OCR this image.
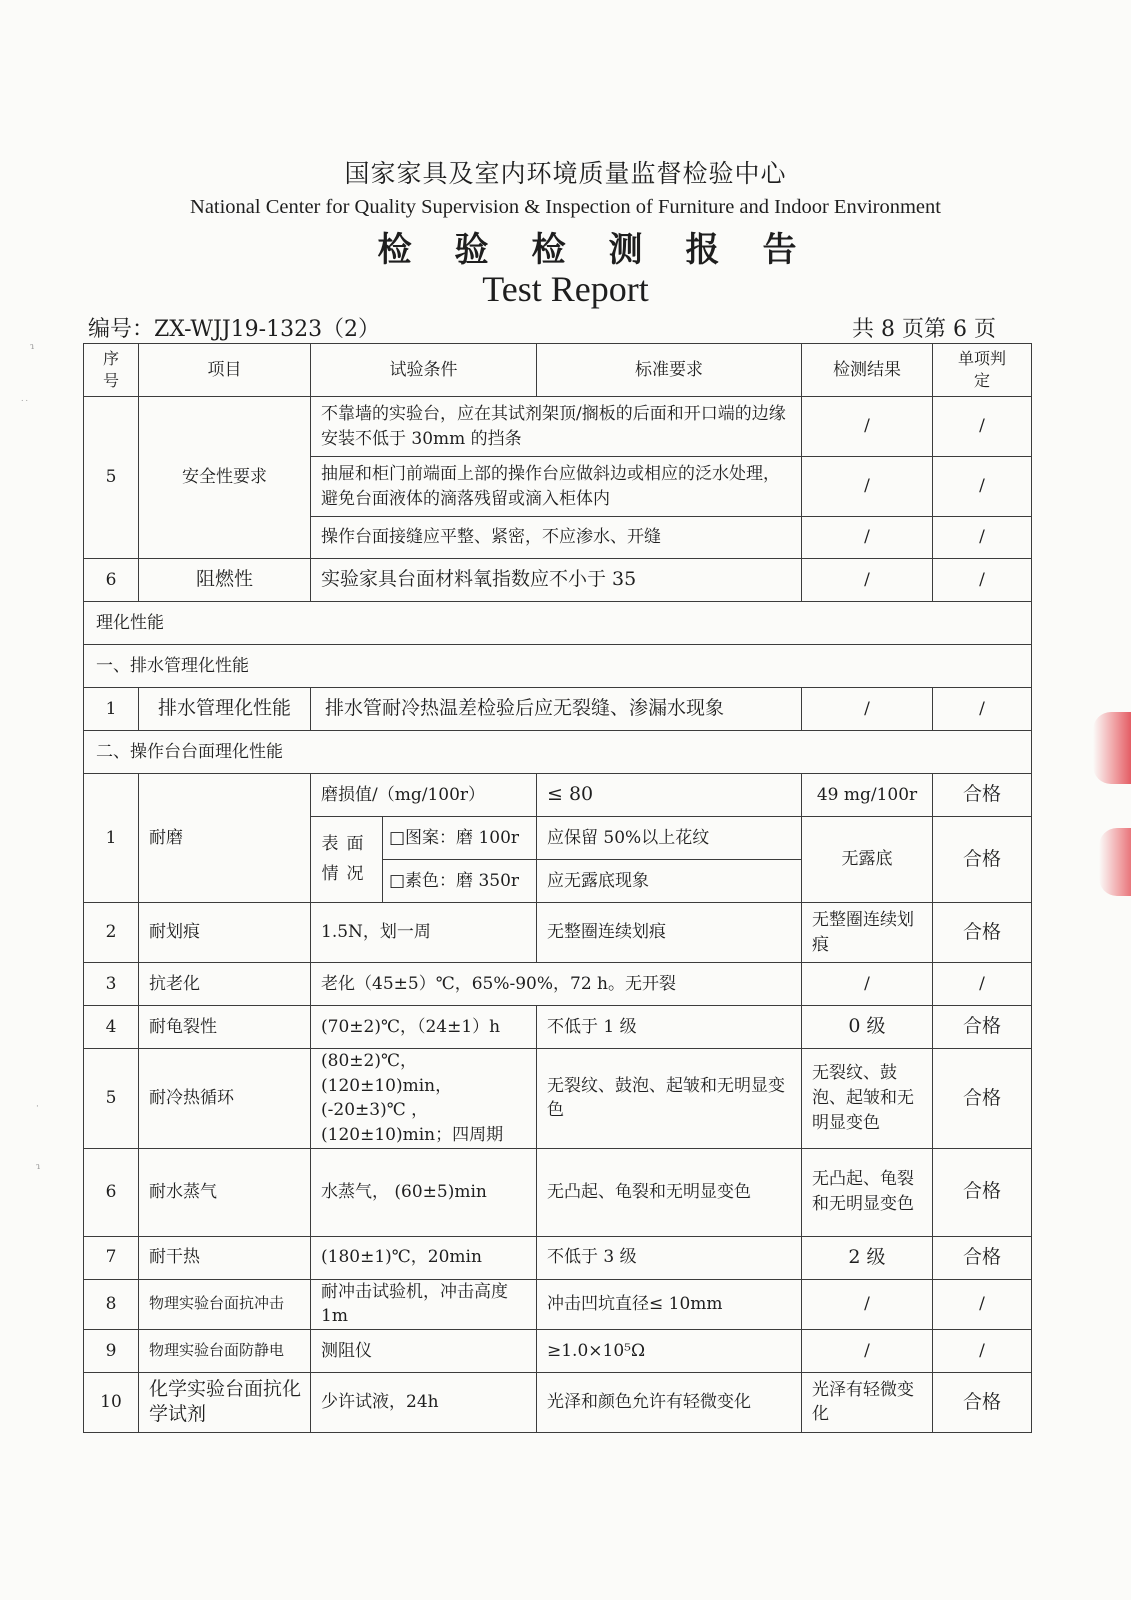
ɿ
˙˙
·
ɿ
国家家具及室内环境质量监督检验中心
National Center for Quality Supervision & Inspection of Furniture and Indoor Environment
检验检测报告
Test Report
编号：ZX-WJJ19-1323（2）	共 8 页第 6 页
序号	项目	试验条件		标准要求	检测结果	单项判定
5	安全性要求	不靠墙的实验台，应在其试剂架顶/搁板的后面和开口端的边缘安装不低于 30mm 的挡条			/	/
		抽屉和柜门前端面上部的操作台应做斜边或相应的泛水处理，避免台面液体的滴落残留或滴入柜体内			/	/
		操作台面接缝应平整、紧密，不应渗水、开缝			/	/
6	阻燃性	实验家具台面材料氧指数应不小于 35			/	/
理化性能						
一、排水管理化性能						
1	排水管理化性能	排水管耐冷热温差检验后应无裂缝、渗漏水现象			/	/
二、操作台台面理化性能						
1	耐磨	磨损值/（mg/100r）		≤ 80	49 mg/100r	合格
		表面情况	□图案：磨 100r	应保留 50%以上花纹	无露底	合格
			□素色：磨 350r	应无露底现象		
2	耐划痕	1.5N，划一周		无整圈连续划痕	无整圈连续划痕	合格
3	抗老化	老化（45±5）℃，65%-90%，72 h。无开裂			/	/
4	耐龟裂性	(70±2)℃，（24±1）h		不低于 1 级	0 级	合格
5	耐冷热循环	(80±2)℃，(120±10)min，(-20±3)℃ ，(120±10)min；四周期		无裂纹、鼓泡、起皱和无明显变色	无裂纹、鼓泡、起皱和无明显变色	合格
6	耐水蒸气	水蒸气， (60±5)min		无凸起、龟裂和无明显变色	无凸起、龟裂和无明显变色	合格
7	耐干热	(180±1)℃，20min		不低于 3 级	2 级	合格
8	物理实验台面抗冲击	耐冲击试验机，冲击高度 1m		冲击凹坑直径≤ 10mm	/	/
9	物理实验台面防静电	测阻仪		≥1.0×10⁵Ω	/	/
10	化学实验台面抗化学试剂	少许试液，24h		光泽和颜色允许有轻微变化	光泽有轻微变化	合格
